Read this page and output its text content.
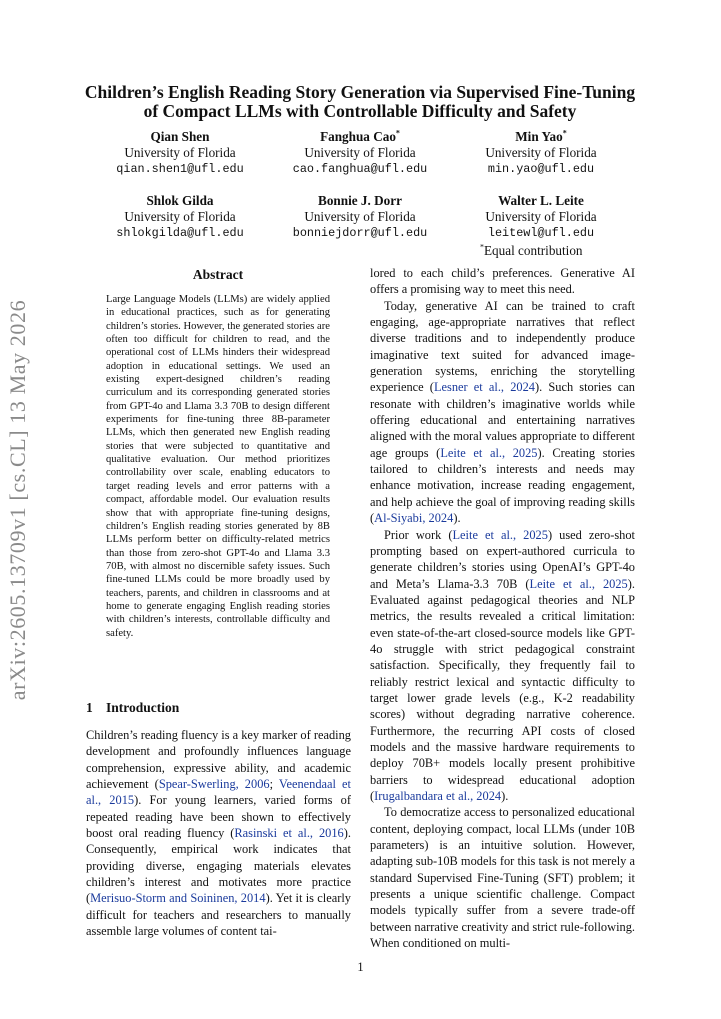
arXiv:2605.13709v1 [cs.CL] 13 May 2026
Children’s English Reading Story Generation via Supervised Fine-Tuning
of Compact LLMs with Controllable Difficulty and Safety
Qian Shen
University of Florida
qian.shen1@ufl.edu
Fanghua Cao*
University of Florida
cao.fanghua@ufl.edu
Min Yao*
University of Florida
min.yao@ufl.edu
Shlok Gilda
University of Florida
shlokgilda@ufl.edu
Bonnie J. Dorr
University of Florida
bonniejdorr@ufl.edu
Walter L. Leite
University of Florida
leitewl@ufl.edu
*Equal contribution
Abstract

Large Language Models (LLMs) are widely applied in educational practices, such as for generating children’s stories. However, the generated stories are often too difficult for children to read, and the operational cost of LLMs hinders their widespread adoption in educational settings. We used an existing expert-designed children’s reading curriculum and its corresponding generated stories from GPT-4o and Llama 3.3 70B to design different experiments for fine-tuning three 8B-parameter LLMs, which then generated new English reading stories that were subjected to quantitative and qualitative evaluation. Our method prioritizes controllability over scale, enabling educators to target reading levels and error patterns with a compact, affordable model. Our evaluation results show that with appropriate fine-tuning designs, children’s English reading stories generated by 8B LLMs perform better on difficulty-related metrics than those from zero-shot GPT-4o and Llama 3.3 70B, with almost no discernible safety issues. Such fine-tuned LLMs could be more broadly used by teachers, parents, and children in classrooms and at home to generate engaging English reading stories with children’s interests, controllable difficulty and safety.

1 Introduction

Children’s reading fluency is a key marker of reading development and profoundly influences language comprehension, expressive ability, and academic achievement (Spear-Swerling, 2006; Veenendaal et al., 2015). For young learners, varied forms of repeated reading have been shown to effectively boost oral reading fluency (Rasinski et al., 2016). Consequently, empirical work indicates that providing diverse, engaging materials elevates children’s interest and motivates more practice (Merisuo-Storm and Soininen, 2014). Yet it is clearly difficult for teachers and researchers to manually assemble large volumes of content tai-

lored to each child’s preferences. Generative AI offers a promising way to meet this need.

Today, generative AI can be trained to craft engaging, age-appropriate narratives that reflect diverse traditions and to independently produce imaginative text suited for advanced image-generation systems, enriching the storytelling experience (Lesner et al., 2024). Such stories can resonate with children’s imaginative worlds while offering educational and entertaining narratives aligned with the moral values appropriate to different age groups (Leite et al., 2025). Creating stories tailored to children’s interests and needs may enhance motivation, increase reading engagement, and help achieve the goal of improving reading skills (Al-Siyabi, 2024).

Prior work (Leite et al., 2025) used zero-shot prompting based on expert-authored curricula to generate children’s stories using OpenAI’s GPT-4o and Meta’s Llama-3.3 70B (Leite et al., 2025). Evaluated against pedagogical theories and NLP metrics, the results revealed a critical limitation: even state-of-the-art closed-source models like GPT-4o struggle with strict pedagogical constraint satisfaction. Specifically, they frequently fail to reliably restrict lexical and syntactic difficulty to target lower grade levels (e.g., K-2 readability scores) without degrading narrative coherence. Furthermore, the recurring API costs of closed models and the massive hardware requirements to deploy 70B+ models locally present prohibitive barriers to widespread educational adoption (Irugalbandara et al., 2024).

To democratize access to personalized educational content, deploying compact, local LLMs (under 10B parameters) is an intuitive solution. However, adapting sub-10B models for this task is not merely a standard Supervised Fine-Tuning (SFT) problem; it presents a unique scientific challenge. Compact models typically suffer from a severe trade-off between narrative creativity and strict rule-following. When conditioned on multi-

1
